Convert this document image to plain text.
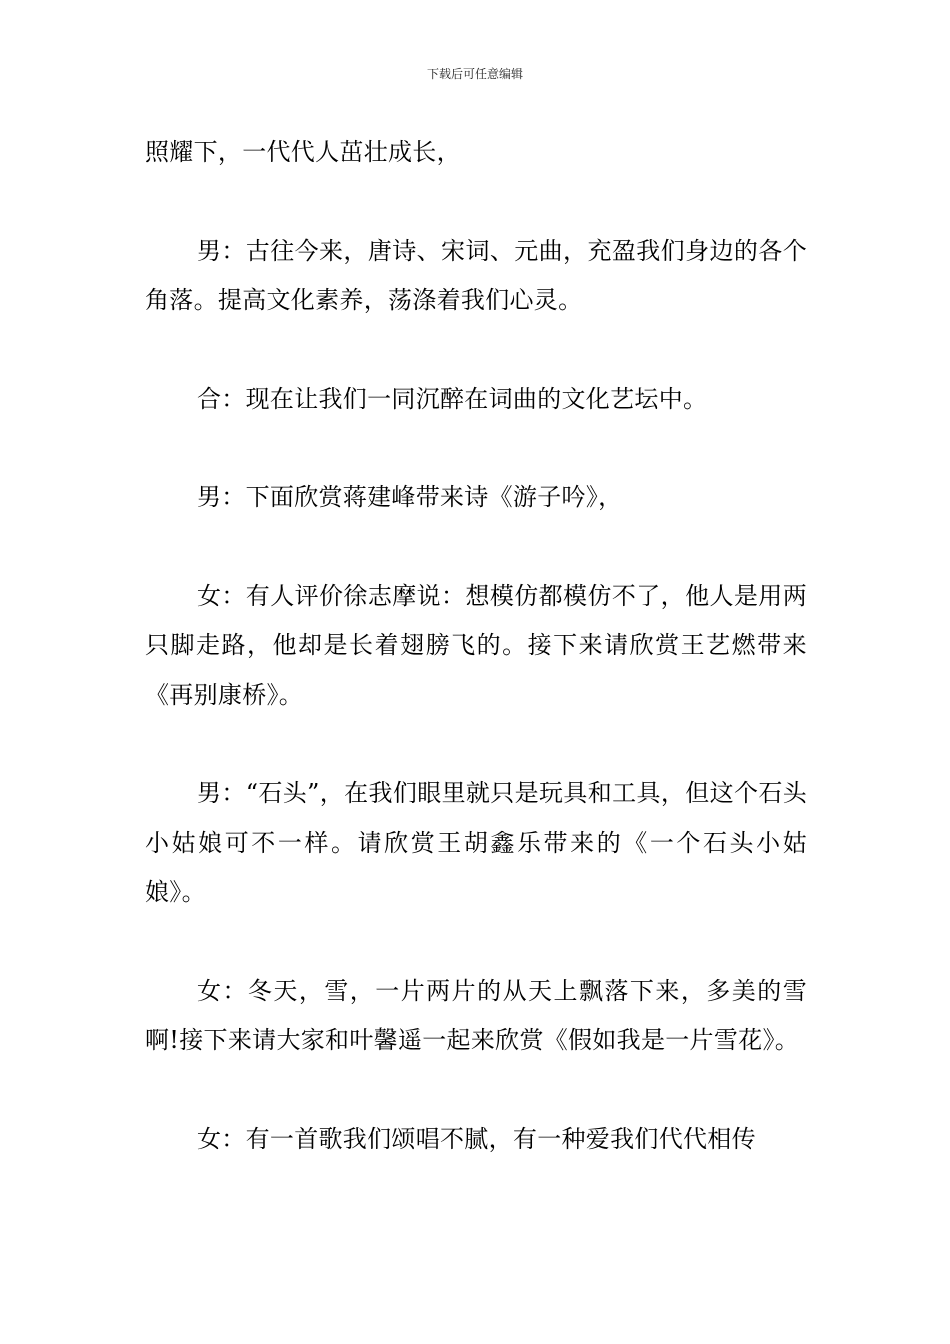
下载后可任意编辑

照耀下，一代代人茁壮成长，

男：古往今来，唐诗、宋词、元曲，充盈我们身边的各个角落。提高文化素养，荡涤着我们心灵。

合：现在让我们一同沉醉在词曲的文化艺坛中。

男：下面欣赏蒋建峰带来诗《游子吟》，

女：有人评价徐志摩说：想模仿都模仿不了，他人是用两只脚走路，他却是长着翅膀飞的。接下来请欣赏王艺燃带来《再别康桥》。

男：“石头”，在我们眼里就只是玩具和工具，但这个石头小姑娘可不一样。请欣赏王胡鑫乐带来的《一个石头小姑娘》。

女：冬天，雪，一片两片的从天上飘落下来，多美的雪啊!接下来请大家和叶馨遥一起来欣赏《假如我是一片雪花》。

女：有一首歌我们颂唱不腻，有一种爱我们代代相传
